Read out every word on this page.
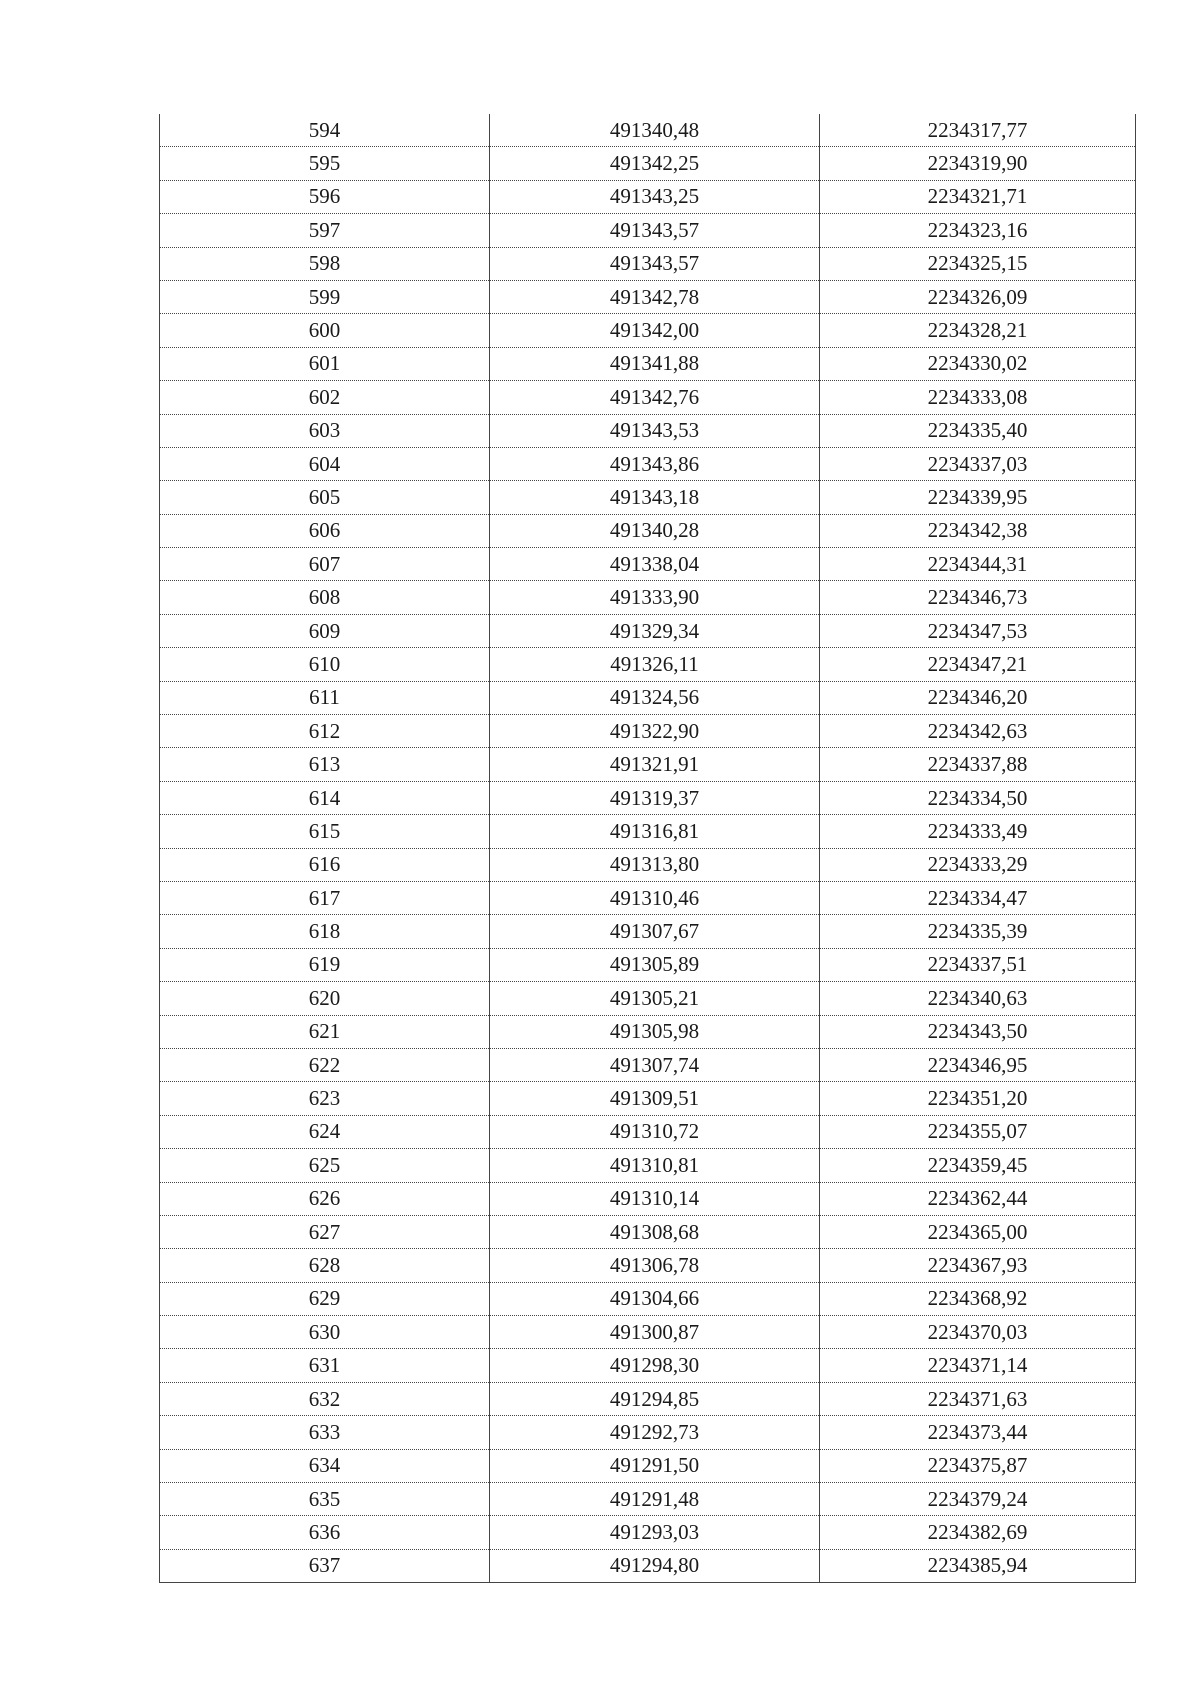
594	491340,48	2234317,77
595	491342,25	2234319,90
596	491343,25	2234321,71
597	491343,57	2234323,16
598	491343,57	2234325,15
599	491342,78	2234326,09
600	491342,00	2234328,21
601	491341,88	2234330,02
602	491342,76	2234333,08
603	491343,53	2234335,40
604	491343,86	2234337,03
605	491343,18	2234339,95
606	491340,28	2234342,38
607	491338,04	2234344,31
608	491333,90	2234346,73
609	491329,34	2234347,53
610	491326,11	2234347,21
611	491324,56	2234346,20
612	491322,90	2234342,63
613	491321,91	2234337,88
614	491319,37	2234334,50
615	491316,81	2234333,49
616	491313,80	2234333,29
617	491310,46	2234334,47
618	491307,67	2234335,39
619	491305,89	2234337,51
620	491305,21	2234340,63
621	491305,98	2234343,50
622	491307,74	2234346,95
623	491309,51	2234351,20
624	491310,72	2234355,07
625	491310,81	2234359,45
626	491310,14	2234362,44
627	491308,68	2234365,00
628	491306,78	2234367,93
629	491304,66	2234368,92
630	491300,87	2234370,03
631	491298,30	2234371,14
632	491294,85	2234371,63
633	491292,73	2234373,44
634	491291,50	2234375,87
635	491291,48	2234379,24
636	491293,03	2234382,69
637	491294,80	2234385,94
